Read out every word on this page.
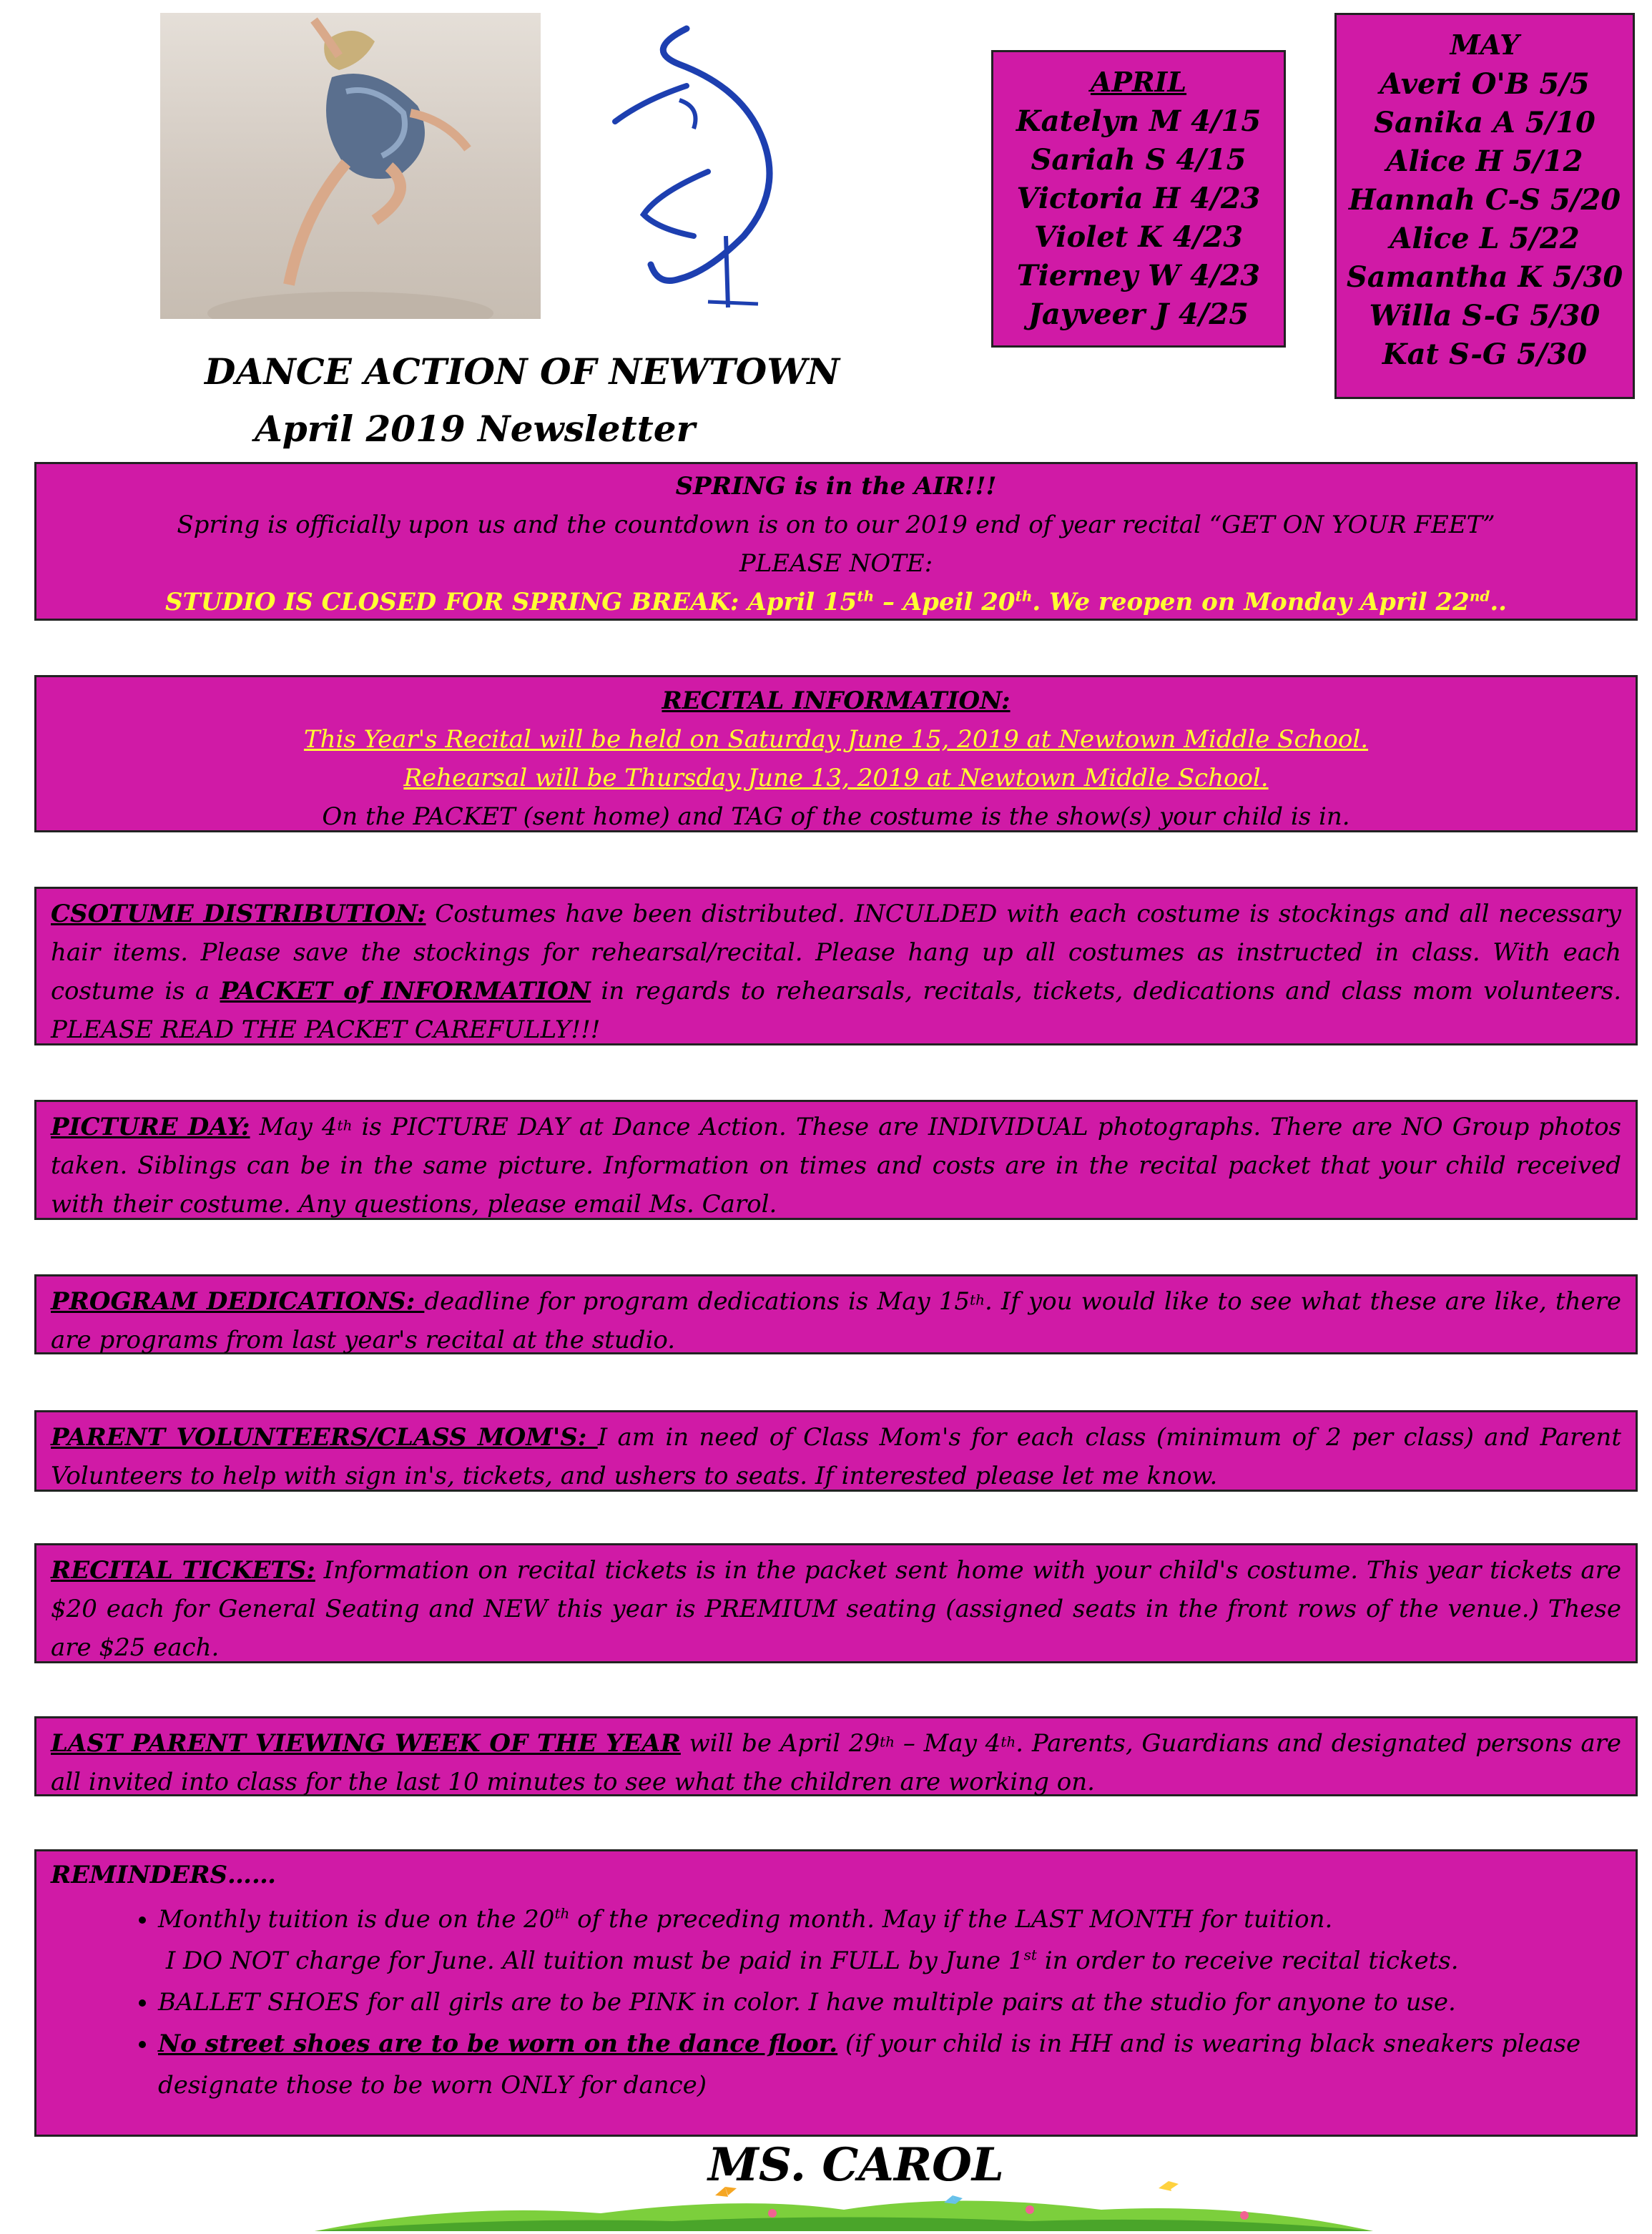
DANCE ACTION OF NEWTOWN
April 2019 Newsletter
APRIL
Katelyn M 4/15
Sariah S 4/15
Victoria H 4/23
Violet K 4/23
Tierney W 4/23
Jayveer J 4/25
MAY
Averi O'B 5/5
Sanika A 5/10
Alice H 5/12
Hannah C-S 5/20
Alice L 5/22
Samantha K 5/30
Willa S-G 5/30
Kat S-G 5/30
SPRING is in the AIR!!!
Spring is officially upon us and the countdown is on to our 2019 end of year recital “GET ON YOUR FEET”
PLEASE NOTE:
STUDIO IS CLOSED FOR SPRING BREAK: April 15th – Apeil 20th. We reopen on Monday April 22nd..
RECITAL INFORMATION:
This Year's Recital will be held on Saturday June 15, 2019 at Newtown Middle School.
Rehearsal will be Thursday June 13, 2019 at Newtown Middle School.
On the PACKET (sent home) and TAG of the costume is the show(s) your child is in.
CSOTUME DISTRIBUTION: Costumes have been distributed. INCULDED with each costume is stockings and all necessary hair items. Please save the stockings for rehearsal/recital. Please hang up all costumes as instructed in class. With each costume is a PACKET of INFORMATION in regards to rehearsals, recitals, tickets, dedications and class mom volunteers. PLEASE READ THE PACKET CAREFULLY!!!
PICTURE DAY: May 4th is PICTURE DAY at Dance Action. These are INDIVIDUAL photographs. There are NO Group photos taken. Siblings can be in the same picture. Information on times and costs are in the recital packet that your child received with their costume. Any questions, please email Ms. Carol.
PROGRAM DEDICATIONS: deadline for program dedications is May 15th. If you would like to see what these are like, there are programs from last year's recital at the studio.
PARENT VOLUNTEERS/CLASS MOM'S: I am in need of Class Mom's for each class (minimum of 2 per class) and Parent Volunteers to help with sign in's, tickets, and ushers to seats. If interested please let me know.
RECITAL TICKETS: Information on recital tickets is in the packet sent home with your child's costume. This year tickets are $20 each for General Seating and NEW this year is PREMIUM seating (assigned seats in the front rows of the venue.) These are $25 each.
LAST PARENT VIEWING WEEK OF THE YEAR will be April 29th – May 4th. Parents, Guardians and designated persons are all invited into class for the last 10 minutes to see what the children are working on.
REMINDERS……
• Monthly tuition is due on the 20th of the preceding month. May if the LAST MONTH for tuition.
I DO NOT charge for June. All tuition must be paid in FULL by June 1st in order to receive recital tickets.
• BALLET SHOES for all girls are to be PINK in color. I have multiple pairs at the studio for anyone to use.
• No street shoes are to be worn on the dance floor. (if your child is in HH and is wearing black sneakers please designate those to be worn ONLY for dance)
MS. CAROL
